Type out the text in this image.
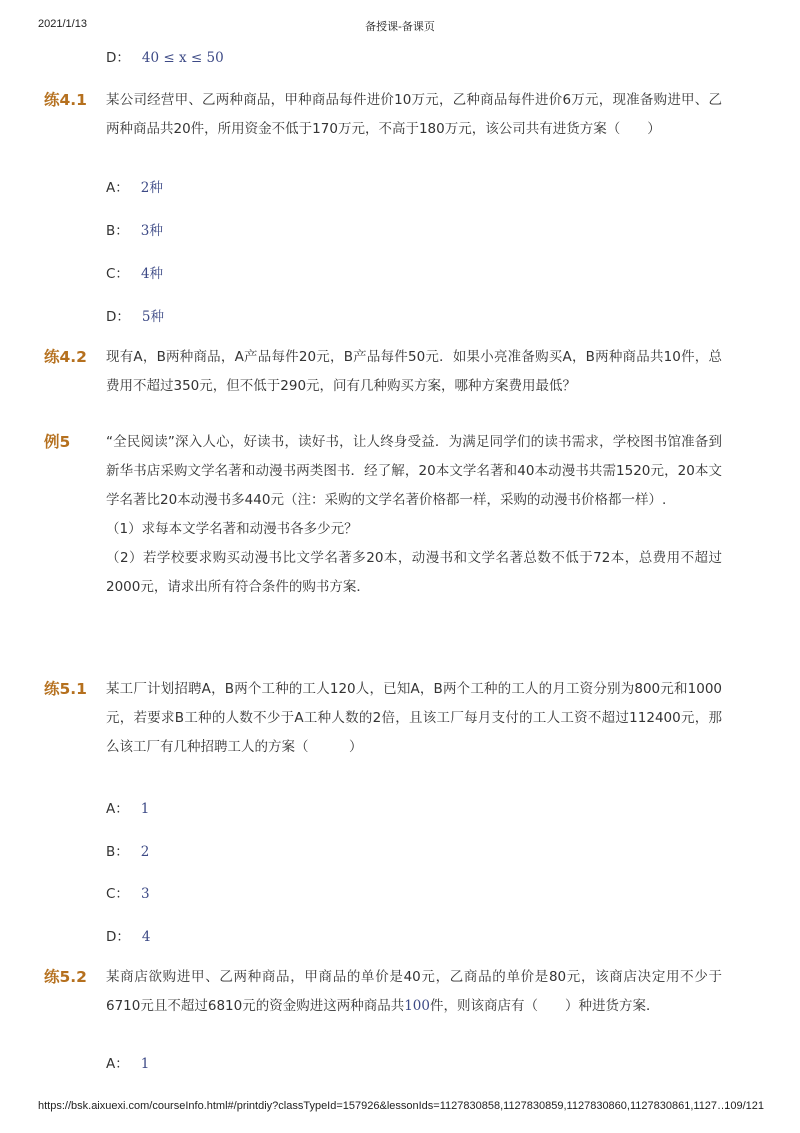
2021/1/13	备授课-备课页
D： 40 ≤ x ≤ 50
练4.1 某公司经营甲、乙两种商品，甲种商品每件进价10万元，乙种商品每件进价6万元，现准备购进甲、乙两种商品共20件，所用资金不低于170万元，不高于180万元，该公司共有进货方案（　　）

A： 2种
B： 3种
C： 4种
D： 5种
练4.2 现有A，B两种商品，A产品每件20元，B产品每件50元．如果小亮准备购买A，B两种商品共10件，总费用不超过350元，但不低于290元，问有几种购买方案，哪种方案费用最低？

例5	“全民阅读”深入人心，好读书，读好书，让人终身受益．为满足同学们的读书需求，学校图书馆准备到新华书店采购文学名著和动漫书两类图书．经了解，20本文学名著和40本动漫书共需1520元，20本文学名著比20本动漫书多440元（注：采购的文学名著价格都一样，采购的动漫书价格都一样）.

（1）求每本文学名著和动漫书各多少元？

（2）若学校要求购买动漫书比文学名著多20本，动漫书和文学名著总数不低于72本，总费用不超过2000元，请求出所有符合条件的购书方案．

练5.1 某工厂计划招聘A，B两个工种的工人120人，已知A，B两个工种的工人的月工资分别为800元和1000元，若要求B工种的人数不少于A工种人数的2倍，且该工厂每月支付的工人工资不超过112400元，那么该工厂有几种招聘工人的方案（　　　）

A： 1
B： 2
C： 3
D： 4
练5.2 某商店欲购进甲、乙两种商品，甲商品的单价是40元，乙商品的单价是80元，该商店决定用不少于6710元且不超过6810元的资金购进这两种商品共100件，则该商店有（　　）种进货方案．

A： 1
https://bsk.aixuexi.com/courseInfo.html#/printdiy?classTypeId=157926&lessonIds=1127830858,1127830859,1127830860,1127830861,1127…
109/121
